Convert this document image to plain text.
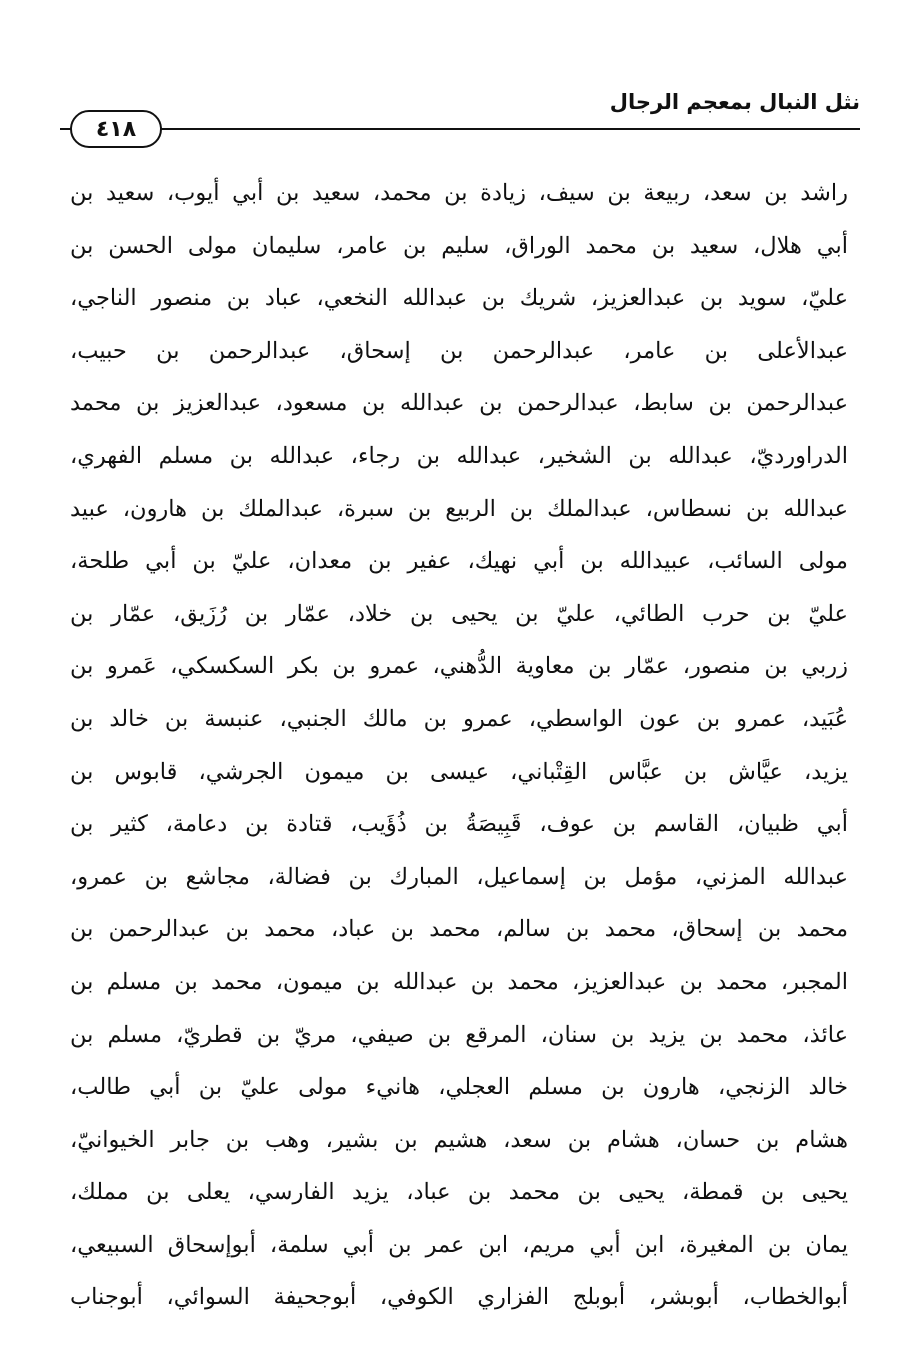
نثل النبال بمعجم الرجال
٤١٨
راشد بن سعد، ربيعة بن سيف، زيادة بن محمد، سعيد بن أبي أيوب، سعيد بن
أبي هلال، سعيد بن محمد الوراق، سليم بن عامر، سليمان مولى الحسن بن
عليّ، سويد بن عبدالعزيز، شريك بن عبدالله النخعي، عباد بن منصور الناجي،
عبدالأعلى بن عامر، عبدالرحمن بن إسحاق، عبدالرحمن بن حبيب،
عبدالرحمن بن سابط، عبدالرحمن بن عبدالله بن مسعود، عبدالعزيز بن محمد
الدراورديّ، عبدالله بن الشخير، عبدالله بن رجاء، عبدالله بن مسلم الفهري،
عبدالله بن نسطاس، عبدالملك بن الربيع بن سبرة، عبدالملك بن هارون، عبيد
مولى السائب، عبيدالله بن أبي نهيك، عفير بن معدان، عليّ بن أبي طلحة،
عليّ بن حرب الطائي، عليّ بن يحيى بن خلاد، عمّار بن رُزَيق، عمّار بن
زربي بن منصور، عمّار بن معاوية الدُّهني، عمرو بن بكر السكسكي، عَمرو بن
عُبَيد، عمرو بن عون الواسطي، عمرو بن مالك الجنبي، عنبسة بن خالد بن
يزيد، عيَّاش بن عبَّاس القِتْباني، عيسى بن ميمون الجرشي، قابوس بن
أبي ظبيان، القاسم بن عوف، قَبِيصَةُ بن ذُؤَيب، قتادة بن دعامة، كثير بن
عبدالله المزني، مؤمل بن إسماعيل، المبارك بن فضالة، مجاشع بن عمرو،
محمد بن إسحاق، محمد بن سالم، محمد بن عباد، محمد بن عبدالرحمن بن
المجبر، محمد بن عبدالعزيز، محمد بن عبدالله بن ميمون، محمد بن مسلم بن
عائذ، محمد بن يزيد بن سنان، المرقع بن صيفي، مريّ بن قطريّ، مسلم بن
خالد الزنجي، هارون بن مسلم العجلي، هانيء مولى عليّ بن أبي طالب،
هشام بن حسان، هشام بن سعد، هشيم بن بشير، وهب بن جابر الخيوانيّ،
يحيى بن قمطة، يحيى بن محمد بن عباد، يزيد الفارسي، يعلى بن مملك،
يمان بن المغيرة، ابن أبي مريم، ابن عمر بن أبي سلمة، أبوإسحاق السبيعي،
أبوالخطاب، أبوبشر، أبوبلج الفزاري الكوفي، أبوجحيفة السوائي، أبوجناب
